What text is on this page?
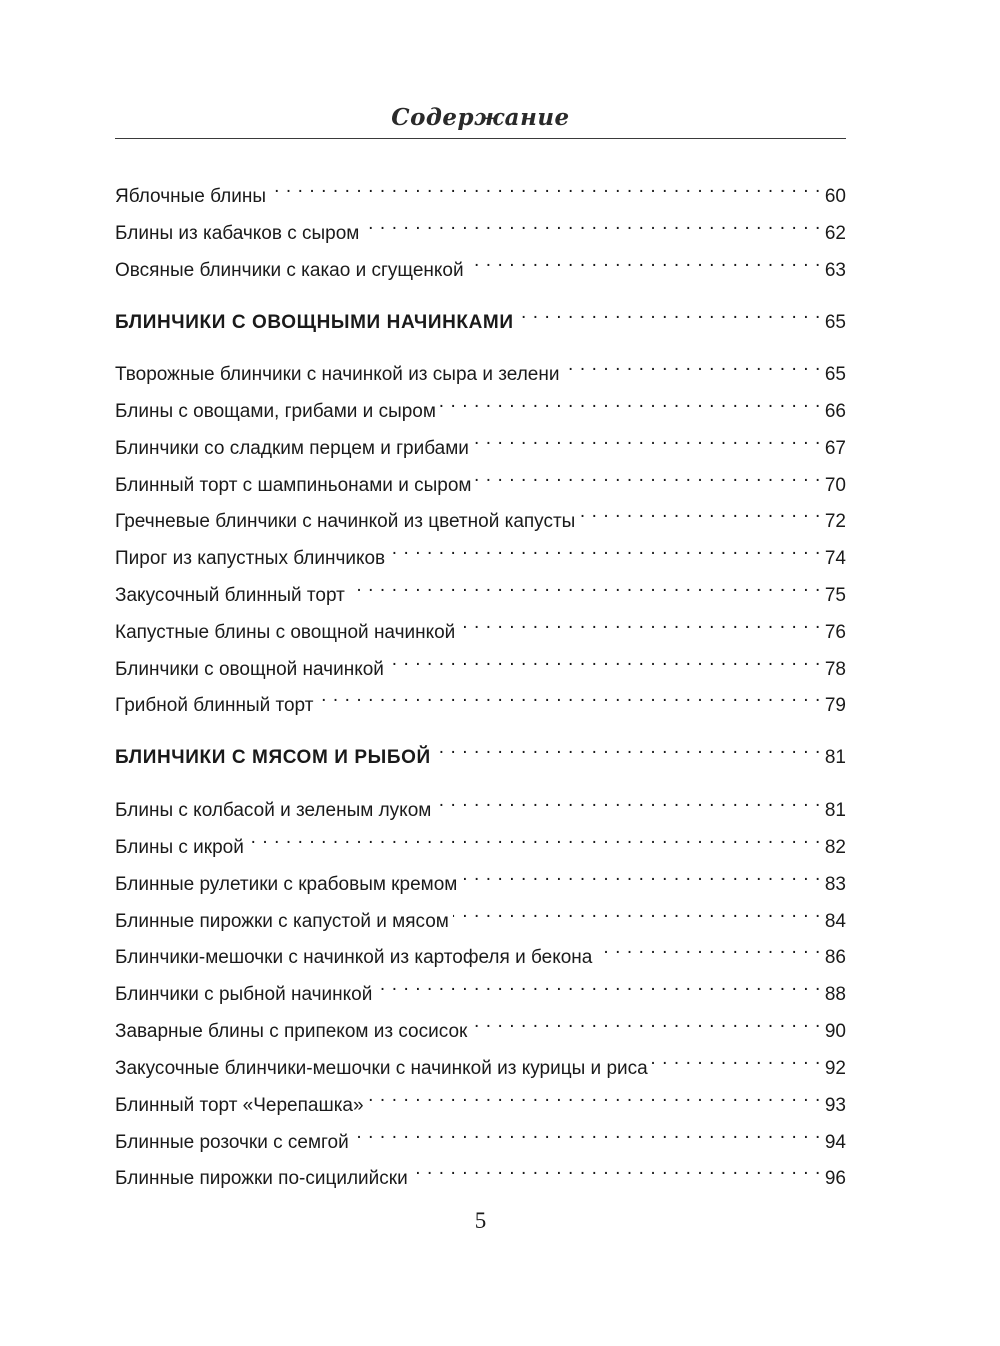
Содержание
Яблочные блины . . .	60
Блины из кабачков с сыром . . .	62
Овсяные блинчики с какао и сгущенкой . . .	63
БЛИНЧИКИ С ОВОЩНЫМИ НАЧИНКАМИ . . .	65
Творожные блинчики с начинкой из сыра и зелени . . .	65
Блины с овощами, грибами и сыром . . .	66
Блинчики со сладким перцем и грибами . . .	67
Блинный торт с шампиньонами и сыром . . .	70
Гречневые блинчики с начинкой из цветной капусты . . .	72
Пирог из капустных блинчиков . . .	74
Закусочный блинный торт . . .	75
Капустные блины с овощной начинкой . . .	76
Блинчики с овощной начинкой . . .	78
Грибной блинный торт . . .	79
БЛИНЧИКИ С МЯСОМ И РЫБОЙ . . .	81
Блины с колбасой и зеленым луком . . .	81
Блины с икрой . . .	82
Блинные рулетики с крабовым кремом . . .	83
Блинные пирожки с капустой и мясом . . .	84
Блинчики-мешочки с начинкой из картофеля и бекона . . .	86
Блинчики с рыбной начинкой . . .	88
Заварные блины с припеком из сосисок . . .	90
Закусочные блинчики-мешочки с начинкой из курицы и риса . . .	92
Блинный торт «Черепашка» . . .	93
Блинные розочки с семгой . . .	94
Блинные пирожки по-сицилийски . . .	96
5
